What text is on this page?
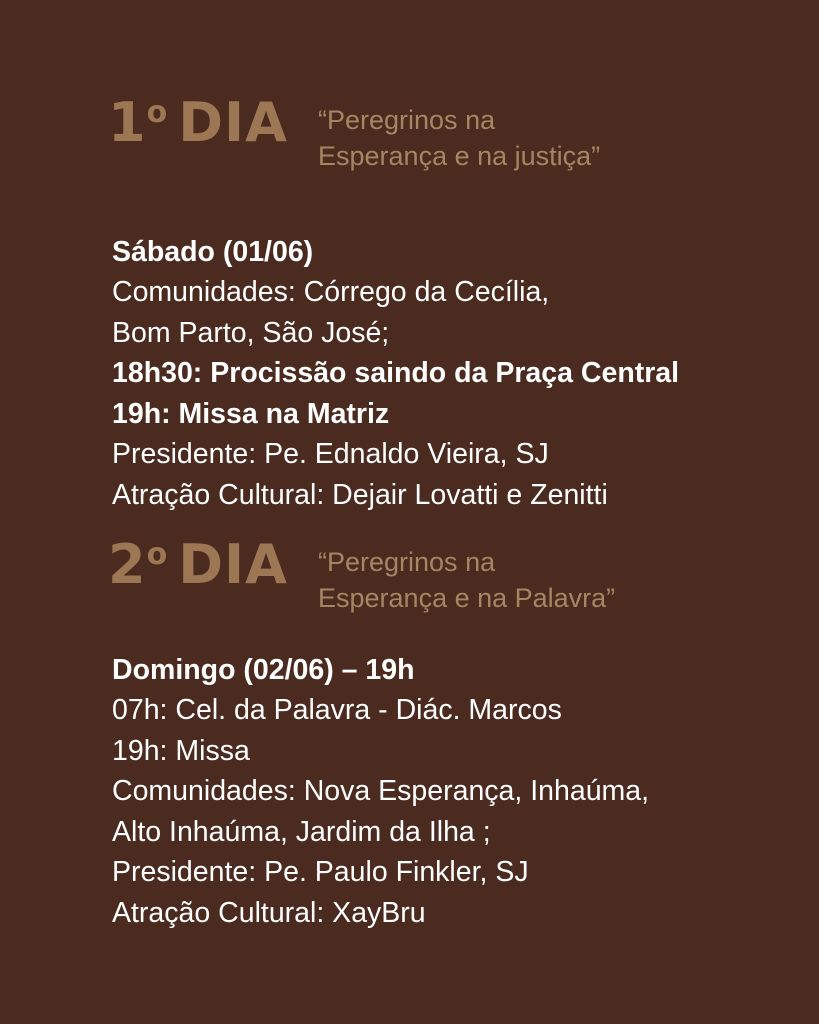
1$^o$ DIA “Peregrinos na
Esperança e na justiça”
Sábado (01/06)
Comunidades: Córrego da Cecília,
Bom Parto, São José;
18h30: Procissão saindo da Praça Central
19h: Missa na Matriz
Presidente: Pe. Ednaldo Vieira, SJ
Atração Cultural: Dejair Lovatti e Zenitti
2$^o$ DIA “Peregrinos na
Esperança e na Palavra”
Domingo (02/06) – 19h
07h: Cel. da Palavra - Diác. Marcos
19h: Missa
Comunidades: Nova Esperança, Inhaúma,
Alto Inhaúma, Jardim da Ilha ;
Presidente: Pe. Paulo Finkler, SJ
Atração Cultural: XayBru
